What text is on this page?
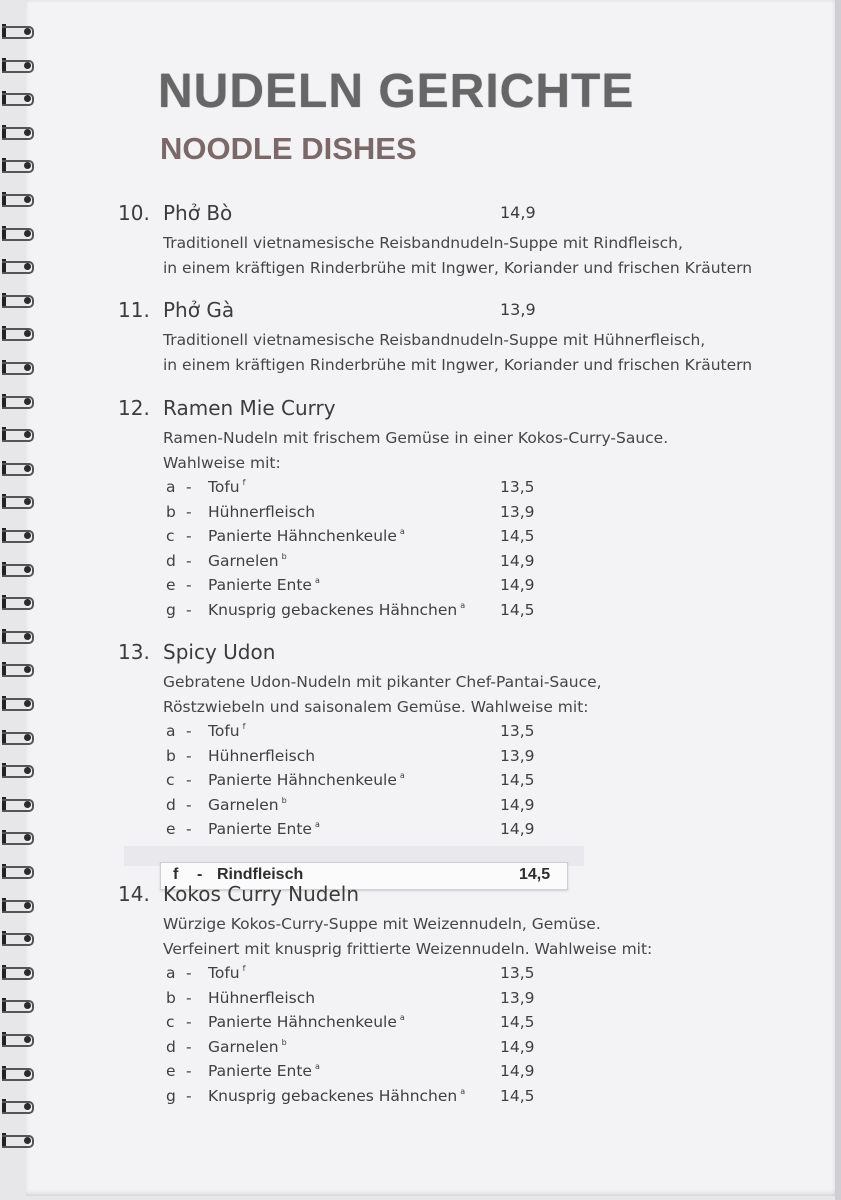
NUDELN GERICHTE
NOODLE DISHES
10. Phở Bò	14,9
Traditionell vietnamesische Reisbandnudeln-Suppe mit Rindfleisch,
in einem kräftigen Rinderbrühe mit Ingwer, Koriander und frischen Kräutern
11. Phở Gà	13,9
Traditionell vietnamesische Reisbandnudeln-Suppe mit Hühnerfleisch,
in einem kräftigen Rinderbrühe mit Ingwer, Koriander und frischen Kräutern
12. Ramen Mie Curry
Ramen-Nudeln mit frischem Gemüse in einer Kokos-Curry-Sauce.
Wahlweise mit:
a - Tofu $^f$	13,5
b - Hühnerfleisch	13,9
c - Panierte Hähnchenkeule $^a$	14,5
d - Garnelen $^b$	14,9
e - Panierte Ente $^a$	14,9
g - Knusprig gebackenes Hähnchen $^a$ 14,5
13. Spicy Udon
Gebratene Udon-Nudeln mit pikanter Chef-Pantai-Sauce,
Röstzwiebeln und saisonalem Gemüse. Wahlweise mit:
a - Tofu $^f$	13,5
b - Hühnerfleisch	13,9
c - Panierte Hähnchenkeule $^a$	14,5
d - Garnelen $^b$	14,9
e - Panierte Ente $^a$	14,9
f - Rindfleisch	14,5
14. Kokos Curry Nudeln
Würzige Kokos-Curry-Suppe mit Weizennudeln, Gemüse.
Verfeinert mit knusprig frittierte Weizennudeln. Wahlweise mit:
a - Tofu $^f$	13,5
b - Hühnerfleisch	13,9
c - Panierte Hähnchenkeule $^a$	14,5
d - Garnelen $^b$	14,9
e - Panierte Ente $^a$	14,9
g - Knusprig gebackenes Hähnchen $^a$ 14,5
